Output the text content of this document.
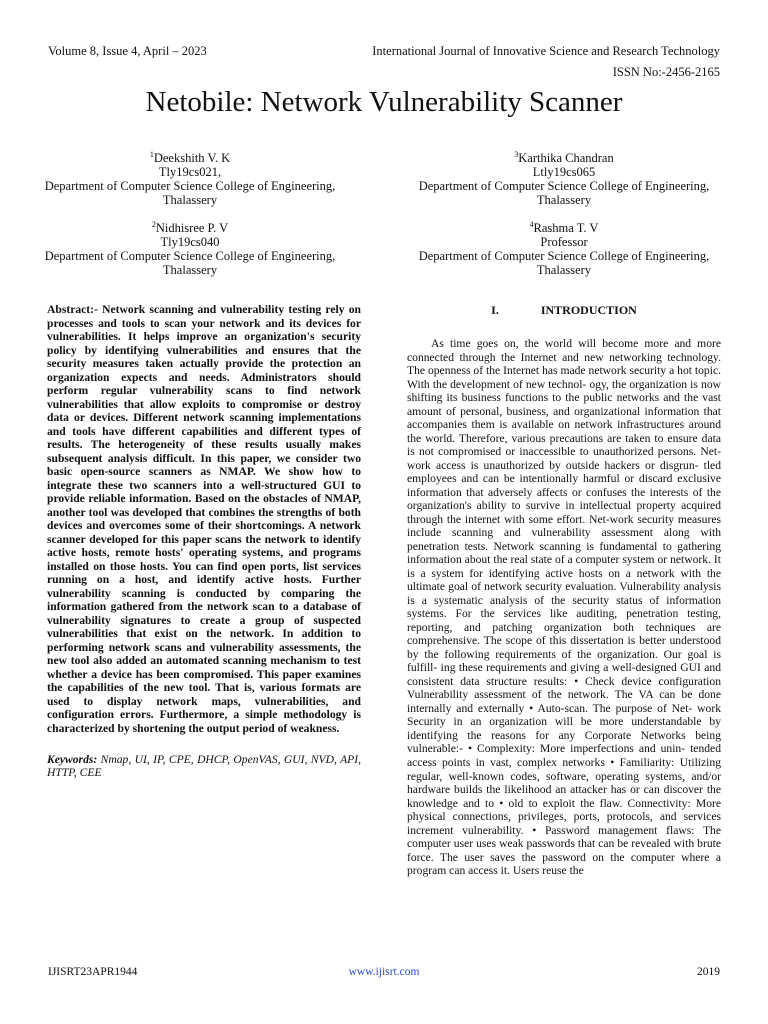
Volume 8, Issue 4, April – 2023	International Journal of Innovative Science and Research Technology
ISSN No:-2456-2165
Netobile: Network Vulnerability Scanner
$^1$Deekshith V. K
Tly19cs021,
Department of Computer Science College of Engineering,
Thalassery
$^2$Nidhisree P. V
Tly19cs040
Department of Computer Science College of Engineering,
Thalassery
$^3$Karthika Chandran
Ltly19cs065
Department of Computer Science College of Engineering,
Thalassery
$^4$Rashma T. V
Professor
Department of Computer Science College of Engineering,
Thalassery

Abstract:- Network scanning and vulnerability testing rely on processes and tools to scan your network and its devices for vulnerabilities. It helps improve an organization's security policy by identifying vulnerabilities and ensures that the security measures taken actually provide the protection an organization expects and needs. Administrators should perform regular vulnerability scans to find network vulnerabilities that allow exploits to compromise or destroy data or devices. Different network scanning implementations and tools have different capabilities and different types of results. The heterogeneity of these results usually makes subsequent analysis difficult. In this paper, we consider two basic open-source scanners as NMAP. We show how to integrate these two scanners into a well-structured GUI to provide reliable information. Based on the obstacles of NMAP, another tool was developed that combines the strengths of both devices and overcomes some of their shortcomings. A network scanner developed for this paper scans the network to identify active hosts, remote hosts' operating systems, and programs installed on those hosts. You can find open ports, list services running on a host, and identify active hosts. Further vulnerability scanning is conducted by comparing the information gathered from the network scan to a database of vulnerability signatures to create a group of suspected vulnerabilities that exist on the network. In addition to performing network scans and vulnerability assessments, the new tool also added an automated scanning mechanism to test whether a device has been compromised. This paper examines the capabilities of the new tool. That is, various formats are used to display network maps, vulnerabilities, and configuration errors. Furthermore, a simple methodology is characterized by shortening the output period of weakness.

Keywords: Nmap, UI, IP, CPE, DHCP, OpenVAS, GUI, NVD, API, HTTP, CEE

I.	INTRODUCTION

As time goes on, the world will become more and more connected through the Internet and new networking technology. The openness of the Internet has made network security a hot topic. With the development of new technol- ogy, the organization is now shifting its business functions to the public networks and the vast amount of personal, business, and organizational information that accompanies them is available on network infrastructures around the world. Therefore, various precautions are taken to ensure data is not compromised or inaccessible to unauthorized persons. Net- work access is unauthorized by outside hackers or disgrun- tled employees and can be intentionally harmful or discard exclusive information that adversely affects or confuses the interests of the organization's ability to survive in intellectual property acquired through the internet with some effort. Net-work security measures include scanning and vulnerability assessment along with penetration tests. Network scanning is fundamental to gathering information about the real state of a computer system or network. It is a system for identifying active hosts on a network with the ultimate goal of network security evaluation. Vulnerability analysis is a systematic analysis of the security status of information systems. For the services like auditing, penetration testing, reporting, and patching organization both techniques are comprehensive. The scope of this dissertation is better understood by the following requirements of the organization. Our goal is fulfill- ing these requirements and giving a well-designed GUI and consistent data structure results: • Check device configuration Vulnerability assessment of the network. The VA can be done internally and externally • Auto-scan. The purpose of Net- work Security in an organization will be more understandable by identifying the reasons for any Corporate Networks being vulnerable:- • Complexity: More imperfections and unin- tended access points in vast, complex networks • Familiarity: Utilizing regular, well-known codes, software, operating systems, and/or hardware builds the likelihood an attacker has or can discover the knowledge and to • old to exploit the flaw. Connectivity: More physical connections, privileges, ports, protocols, and services increment vulnerability. • Password management flaws: The computer user uses weak passwords that can be revealed with brute force. The user saves the password on the computer where a program can access it. Users reuse the

IJISRT23APR1944	www.ijisrt.com	2019
